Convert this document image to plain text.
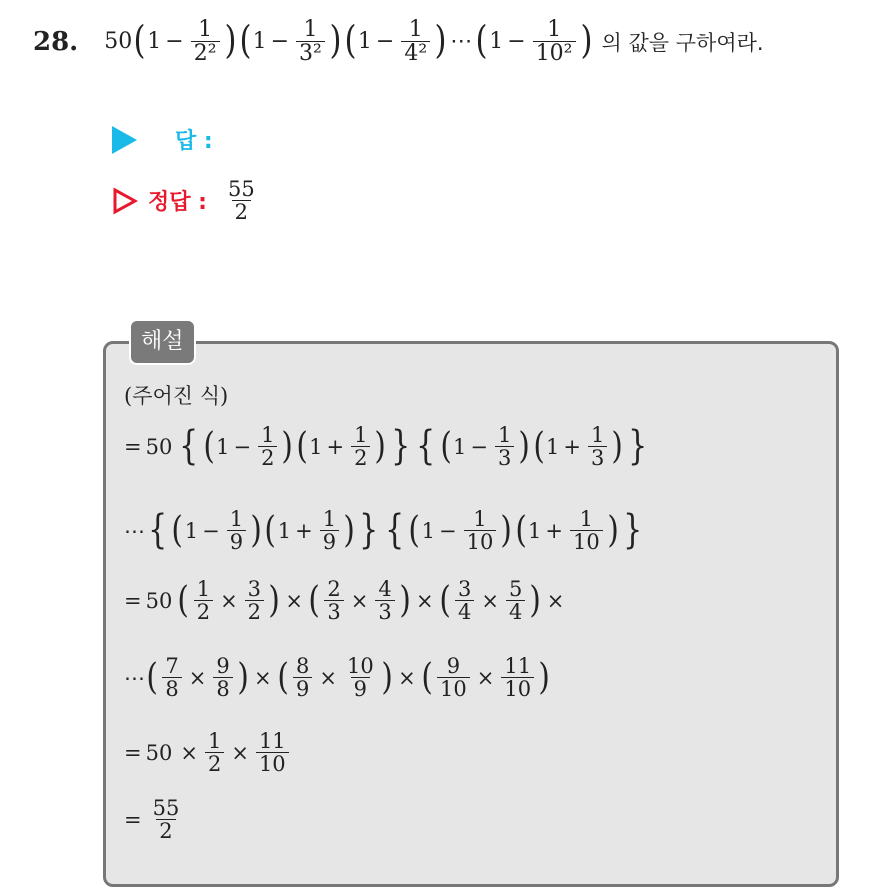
28. 50 ( $1 - \frac{1}{\text{2²}}$ ) ( $1 - \frac{1}{\text{3²}}$ ) ( $1 - \frac{1}{\text{4²}}$ ) ⋯ ( $1 - \frac{1}{\text{10²}}$ ) 의 값을 구하여라.
답 :
정답 : $\frac{55}{2}$
해설
(주어진 식)
= 50 { ( $1 - \frac{1}{2}$ ) ( $1 + \frac{1}{2}$ ) } { ( $1 - \frac{1}{3}$ ) ( $1 + \frac{1}{3}$ ) }
⋯ { ( $1 - \frac{1}{9}$ ) ( $1 + \frac{1}{9}$ ) } { ( $1 - \frac{1}{10}$ ) ( $1 + \frac{1}{10}$ ) }
= 50 ( $\frac{1}{2} \times \frac{3}{2}$ ) × ( $\frac{2}{3} \times \frac{4}{3}$ ) × ( $\frac{3}{4} \times \frac{5}{4}$ ) ×
⋯ ( $\frac{7}{8} \times \frac{9}{8}$ ) × ( $\frac{8}{9} \times \frac{10}{9}$ ) × ( $\frac{9}{10} \times \frac{11}{10}$ )
= $50 \times \frac{1}{2} \times \frac{11}{10}$
= $\frac{55}{2}$
